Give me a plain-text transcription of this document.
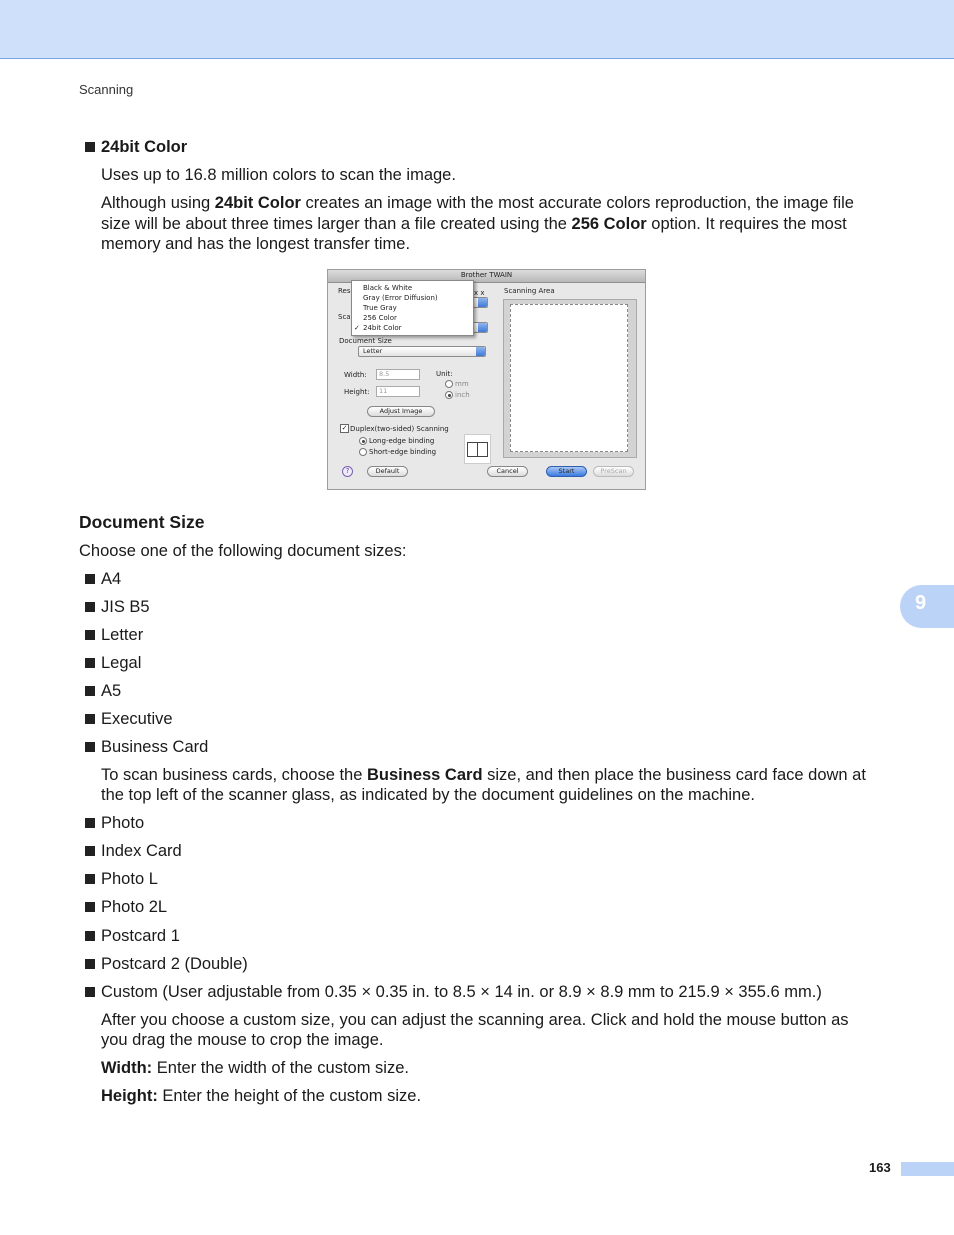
Scanning
24bit Color
Uses up to 16.8 million colors to scan the image.
Although using 24bit Color creates an image with the most accurate colors reproduction, the image file
size will be about three times larger than a file created using the 256 Color option. It requires the most
memory and has the longest transfer time.
Brother TWAIN
Res
Sca
x x
Black & White
Gray (Error Diffusion)
True Gray
256 Color
✓ 24bit Color
Document Size
Letter
Width:	8.5
Height:	11
Unit:
mm
inch
Adjust Image
✓ Duplex(two-sided) Scanning
Long-edge binding
Short-edge binding
Scanning Area
?	Default	Cancel	Start	PreScan
Document Size
Choose one of the following document sizes:
A4
JIS B5
Letter
Legal
A5
Executive
Business Card
To scan business cards, choose the Business Card size, and then place the business card face down at
the top left of the scanner glass, as indicated by the document guidelines on the machine.
Photo
Index Card
Photo L
Photo 2L
Postcard 1
Postcard 2 (Double)
Custom (User adjustable from 0.35 × 0.35 in. to 8.5 × 14 in. or 8.9 × 8.9 mm to 215.9 × 355.6 mm.)
After you choose a custom size, you can adjust the scanning area. Click and hold the mouse button as
you drag the mouse to crop the image.
Width: Enter the width of the custom size.
Height: Enter the height of the custom size.
9
163
